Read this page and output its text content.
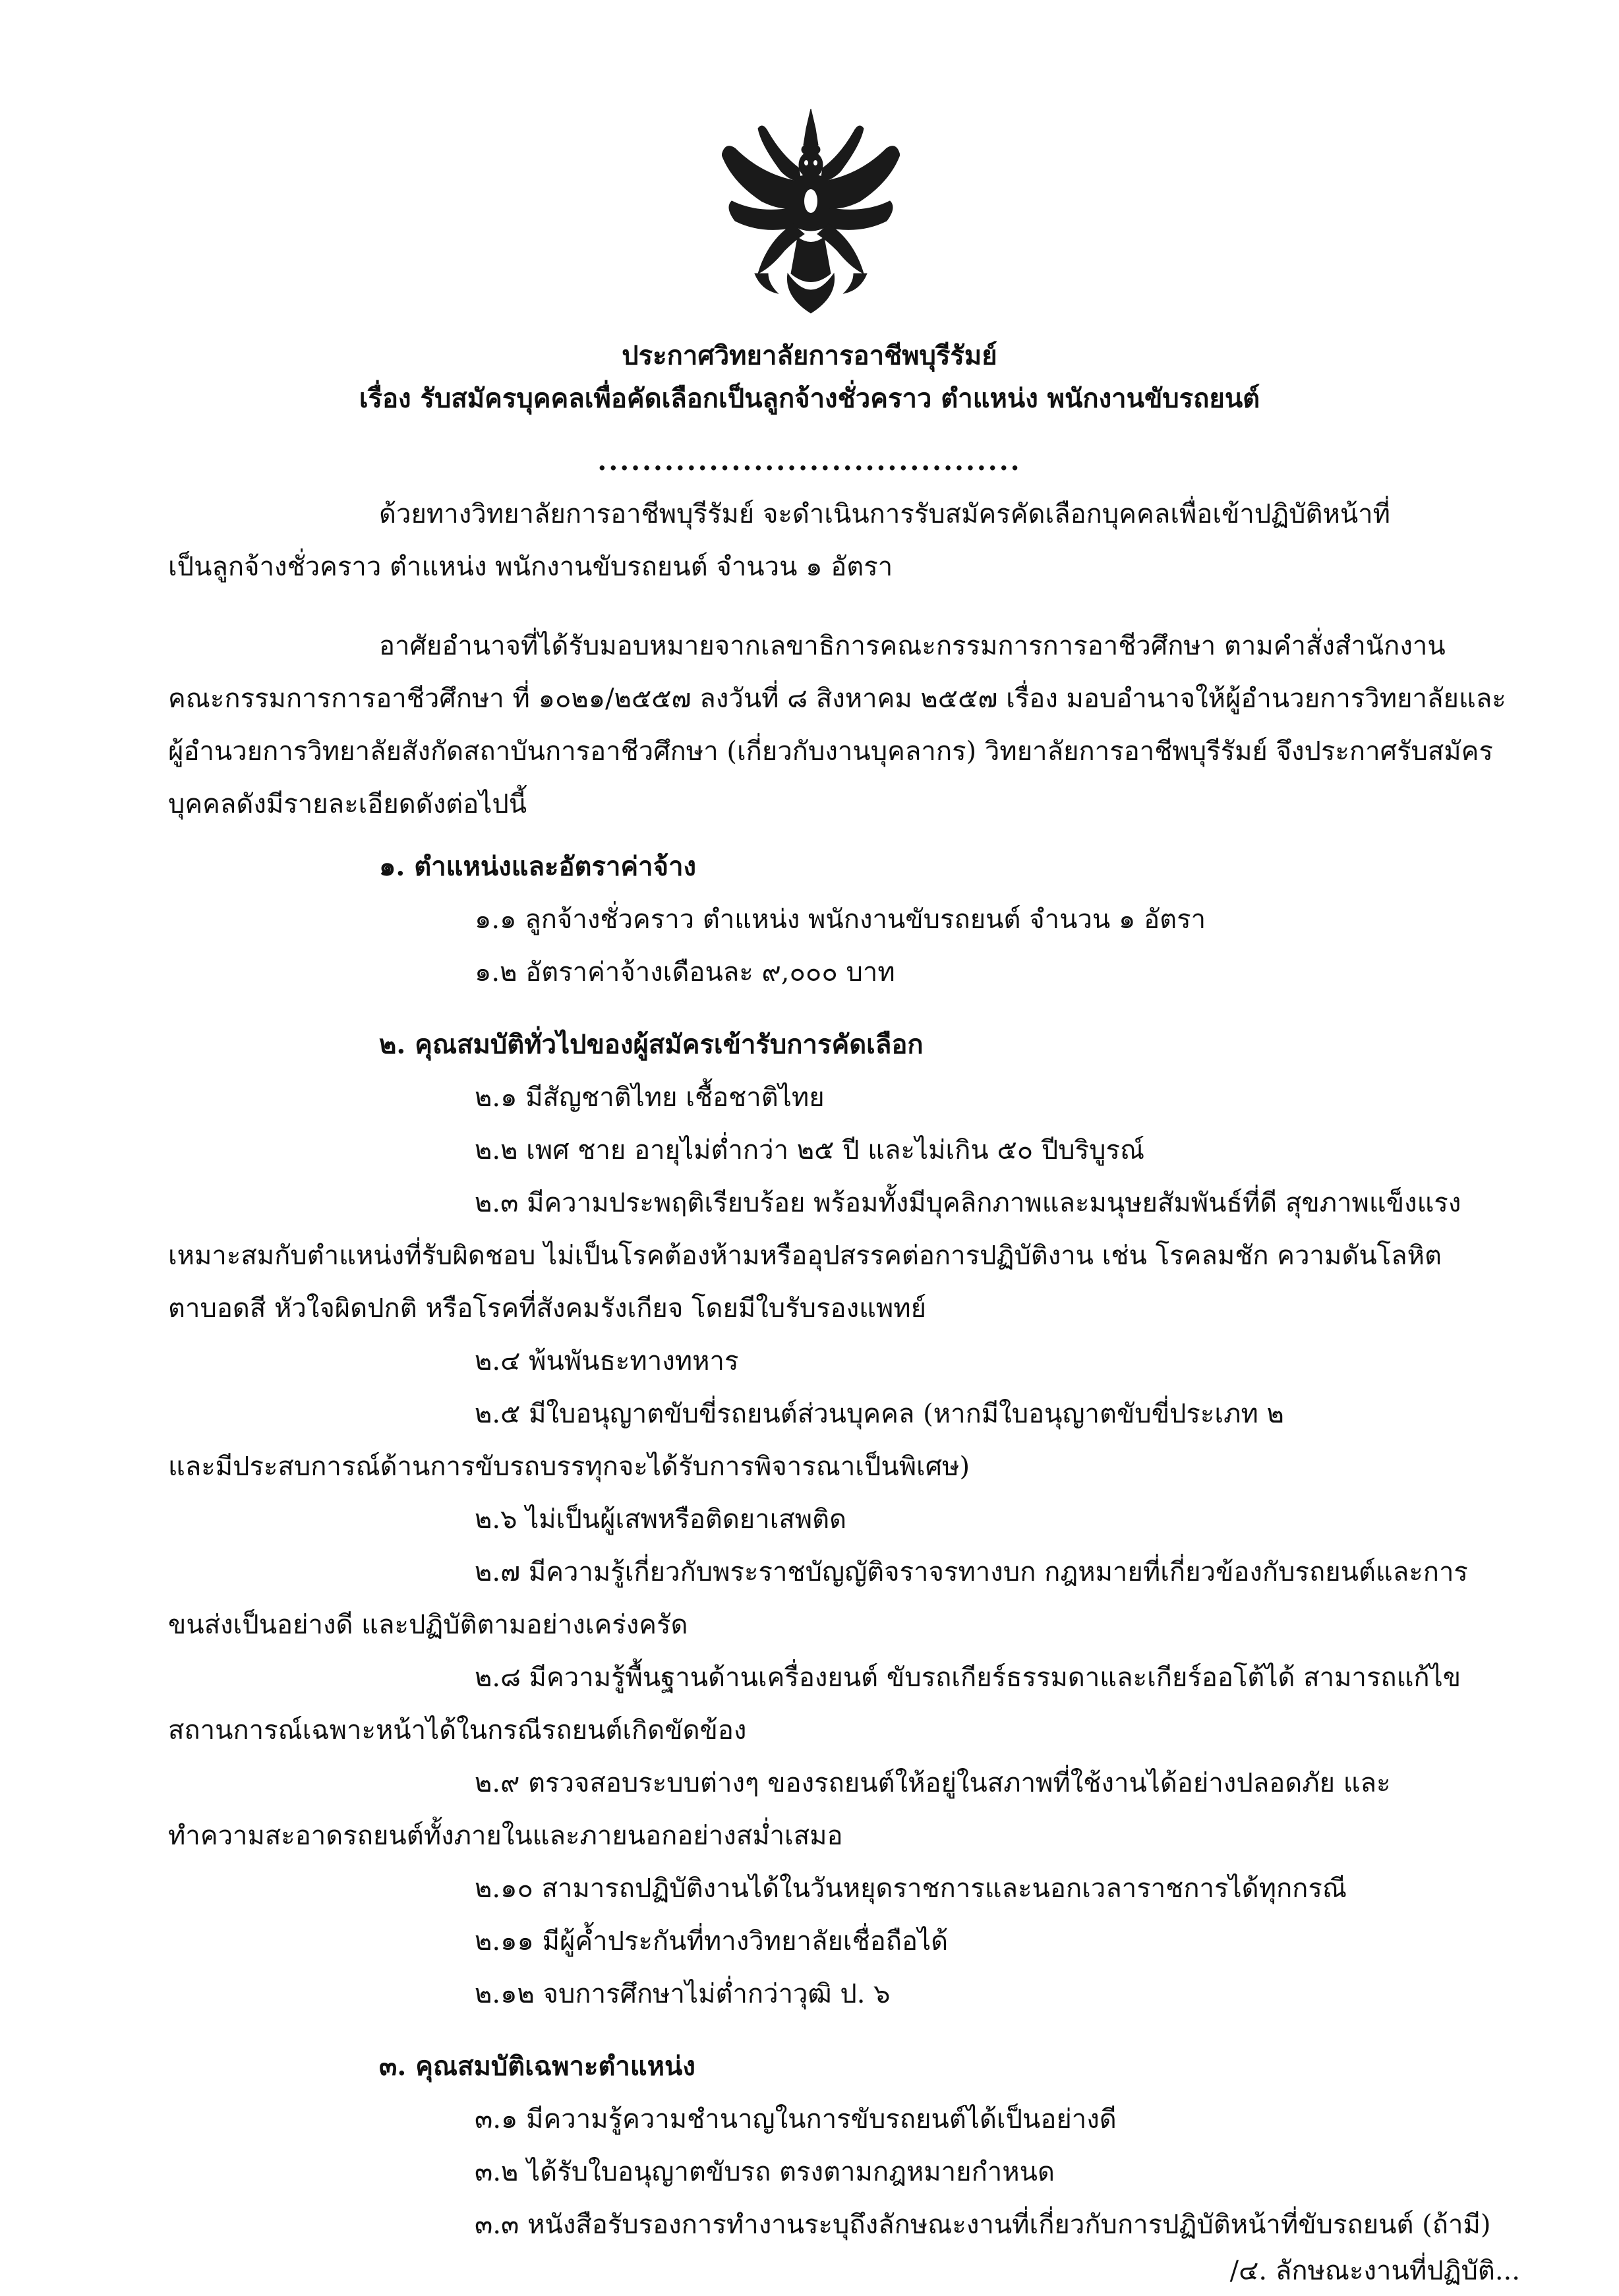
ประกาศวิทยาลัยการอาชีพบุรีรัมย์
เรื่อง รับสมัครบุคคลเพื่อคัดเลือกเป็นลูกจ้างชั่วคราว ตำแหน่ง พนักงานขับรถยนต์
......................................
ด้วยทางวิทยาลัยการอาชีพบุรีรัมย์ จะดำเนินการรับสมัครคัดเลือกบุคคลเพื่อเข้าปฏิบัติหน้าที่
เป็นลูกจ้างชั่วคราว ตำแหน่ง พนักงานขับรถยนต์ จำนวน ๑ อัตรา
อาศัยอำนาจที่ได้รับมอบหมายจากเลขาธิการคณะกรรมการการอาชีวศึกษา ตามคำสั่งสำนักงาน
คณะกรรมการการอาชีวศึกษา ที่ ๑๐๒๑/๒๕๕๗ ลงวันที่ ๘ สิงหาคม ๒๕๕๗ เรื่อง มอบอำนาจให้ผู้อำนวยการวิทยาลัยและ
ผู้อำนวยการวิทยาลัยสังกัดสถาบันการอาชีวศึกษา (เกี่ยวกับงานบุคลากร) วิทยาลัยการอาชีพบุรีรัมย์ จึงประกาศรับสมัคร
บุคคลดังมีรายละเอียดดังต่อไปนี้
๑. ตำแหน่งและอัตราค่าจ้าง
๑.๑ ลูกจ้างชั่วคราว ตำแหน่ง พนักงานขับรถยนต์ จำนวน ๑ อัตรา
๑.๒ อัตราค่าจ้างเดือนละ ๙,๐๐๐ บาท
๒. คุณสมบัติทั่วไปของผู้สมัครเข้ารับการคัดเลือก
๒.๑ มีสัญชาติไทย เชื้อชาติไทย
๒.๒ เพศ ชาย อายุไม่ต่ำกว่า ๒๕ ปี และไม่เกิน ๕๐ ปีบริบูรณ์
๒.๓ มีความประพฤติเรียบร้อย พร้อมทั้งมีบุคลิกภาพและมนุษยสัมพันธ์ที่ดี สุขภาพแข็งแรง
เหมาะสมกับตำแหน่งที่รับผิดชอบ ไม่เป็นโรคต้องห้ามหรืออุปสรรคต่อการปฏิบัติงาน เช่น โรคลมชัก ความดันโลหิต
ตาบอดสี หัวใจผิดปกติ หรือโรคที่สังคมรังเกียจ โดยมีใบรับรองแพทย์
๒.๔ พ้นพันธะทางทหาร
๒.๕ มีใบอนุญาตขับขี่รถยนต์ส่วนบุคคล (หากมีใบอนุญาตขับขี่ประเภท ๒
และมีประสบการณ์ด้านการขับรถบรรทุกจะได้รับการพิจารณาเป็นพิเศษ)
๒.๖ ไม่เป็นผู้เสพหรือติดยาเสพติด
๒.๗ มีความรู้เกี่ยวกับพระราชบัญญัติจราจรทางบก กฎหมายที่เกี่ยวข้องกับรถยนต์และการ
ขนส่งเป็นอย่างดี และปฏิบัติตามอย่างเคร่งครัด
๒.๘ มีความรู้พื้นฐานด้านเครื่องยนต์ ขับรถเกียร์ธรรมดาและเกียร์ออโต้ได้ สามารถแก้ไข
สถานการณ์เฉพาะหน้าได้ในกรณีรถยนต์เกิดขัดข้อง
๒.๙ ตรวจสอบระบบต่างๆ ของรถยนต์ให้อยู่ในสภาพที่ใช้งานได้อย่างปลอดภัย และ
ทำความสะอาดรถยนต์ทั้งภายในและภายนอกอย่างสม่ำเสมอ
๒.๑๐ สามารถปฏิบัติงานได้ในวันหยุดราชการและนอกเวลาราชการได้ทุกกรณี
๒.๑๑ มีผู้ค้ำประกันที่ทางวิทยาลัยเชื่อถือได้
๒.๑๒ จบการศึกษาไม่ต่ำกว่าวุฒิ ป. ๖
๓. คุณสมบัติเฉพาะตำแหน่ง
๓.๑ มีความรู้ความชำนาญในการขับรถยนต์ได้เป็นอย่างดี
๓.๒ ได้รับใบอนุญาตขับรถ ตรงตามกฎหมายกำหนด
๓.๓ หนังสือรับรองการทำงานระบุถึงลักษณะงานที่เกี่ยวกับการปฏิบัติหน้าที่ขับรถยนต์ (ถ้ามี)
/๔. ลักษณะงานที่ปฏิบัติ...
